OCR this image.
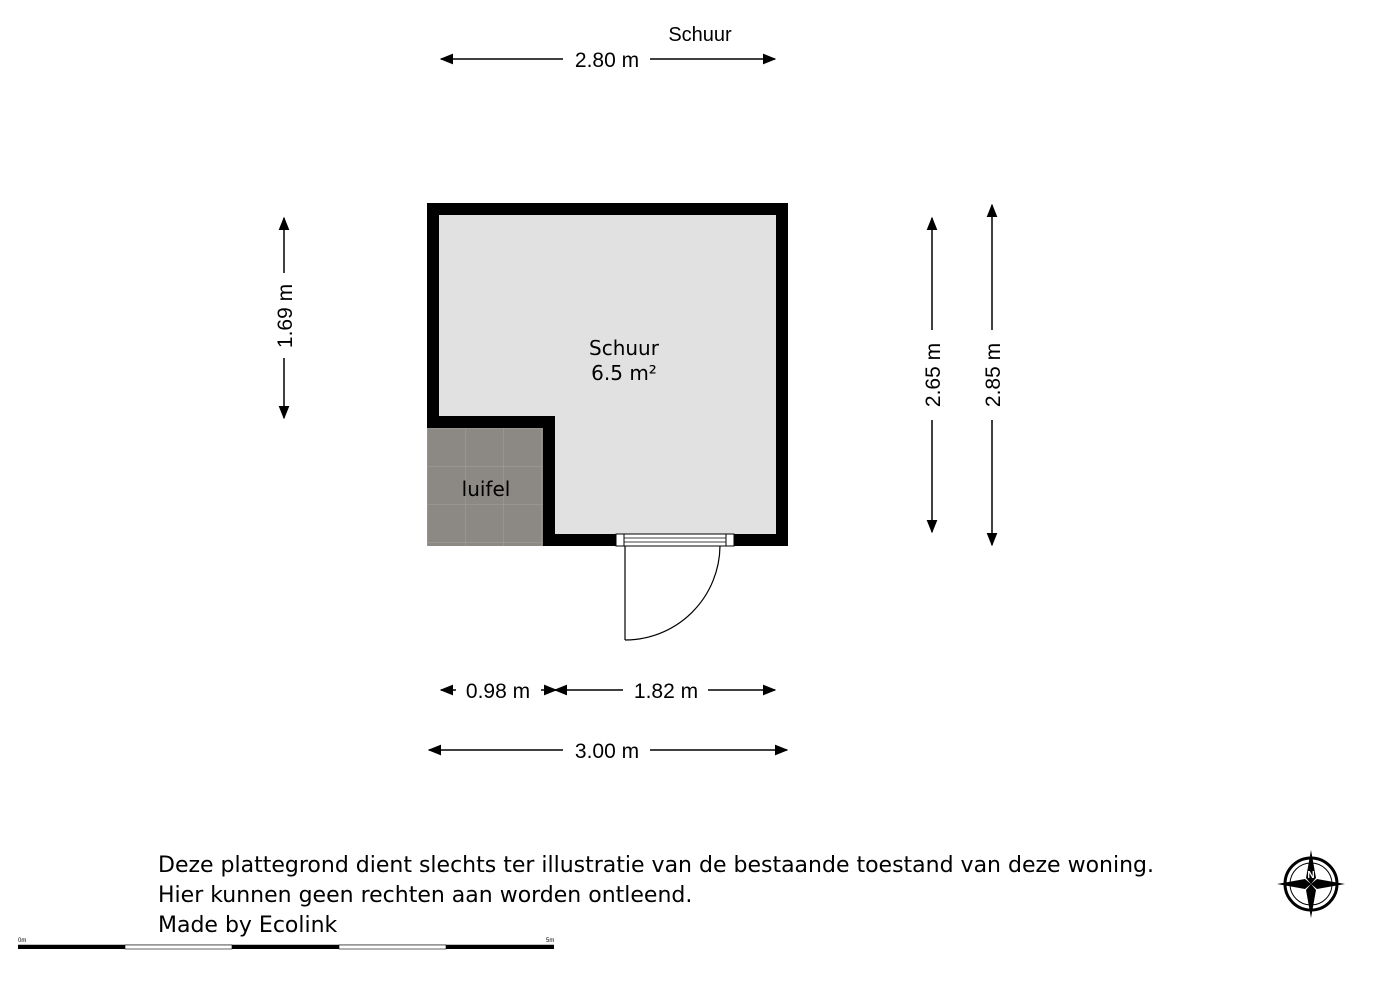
Schuur
2.80 m
1.69 m
2.65 m 2.85 m
luifel
Schuur
6.5 m²
0.98 m	1.82 m
3.00 m
0m	5m
N
Deze plattegrond dient slechts ter illustratie van de bestaande toestand van deze woning.
Hier kunnen geen rechten aan worden ontleend.
Made by Ecolink
